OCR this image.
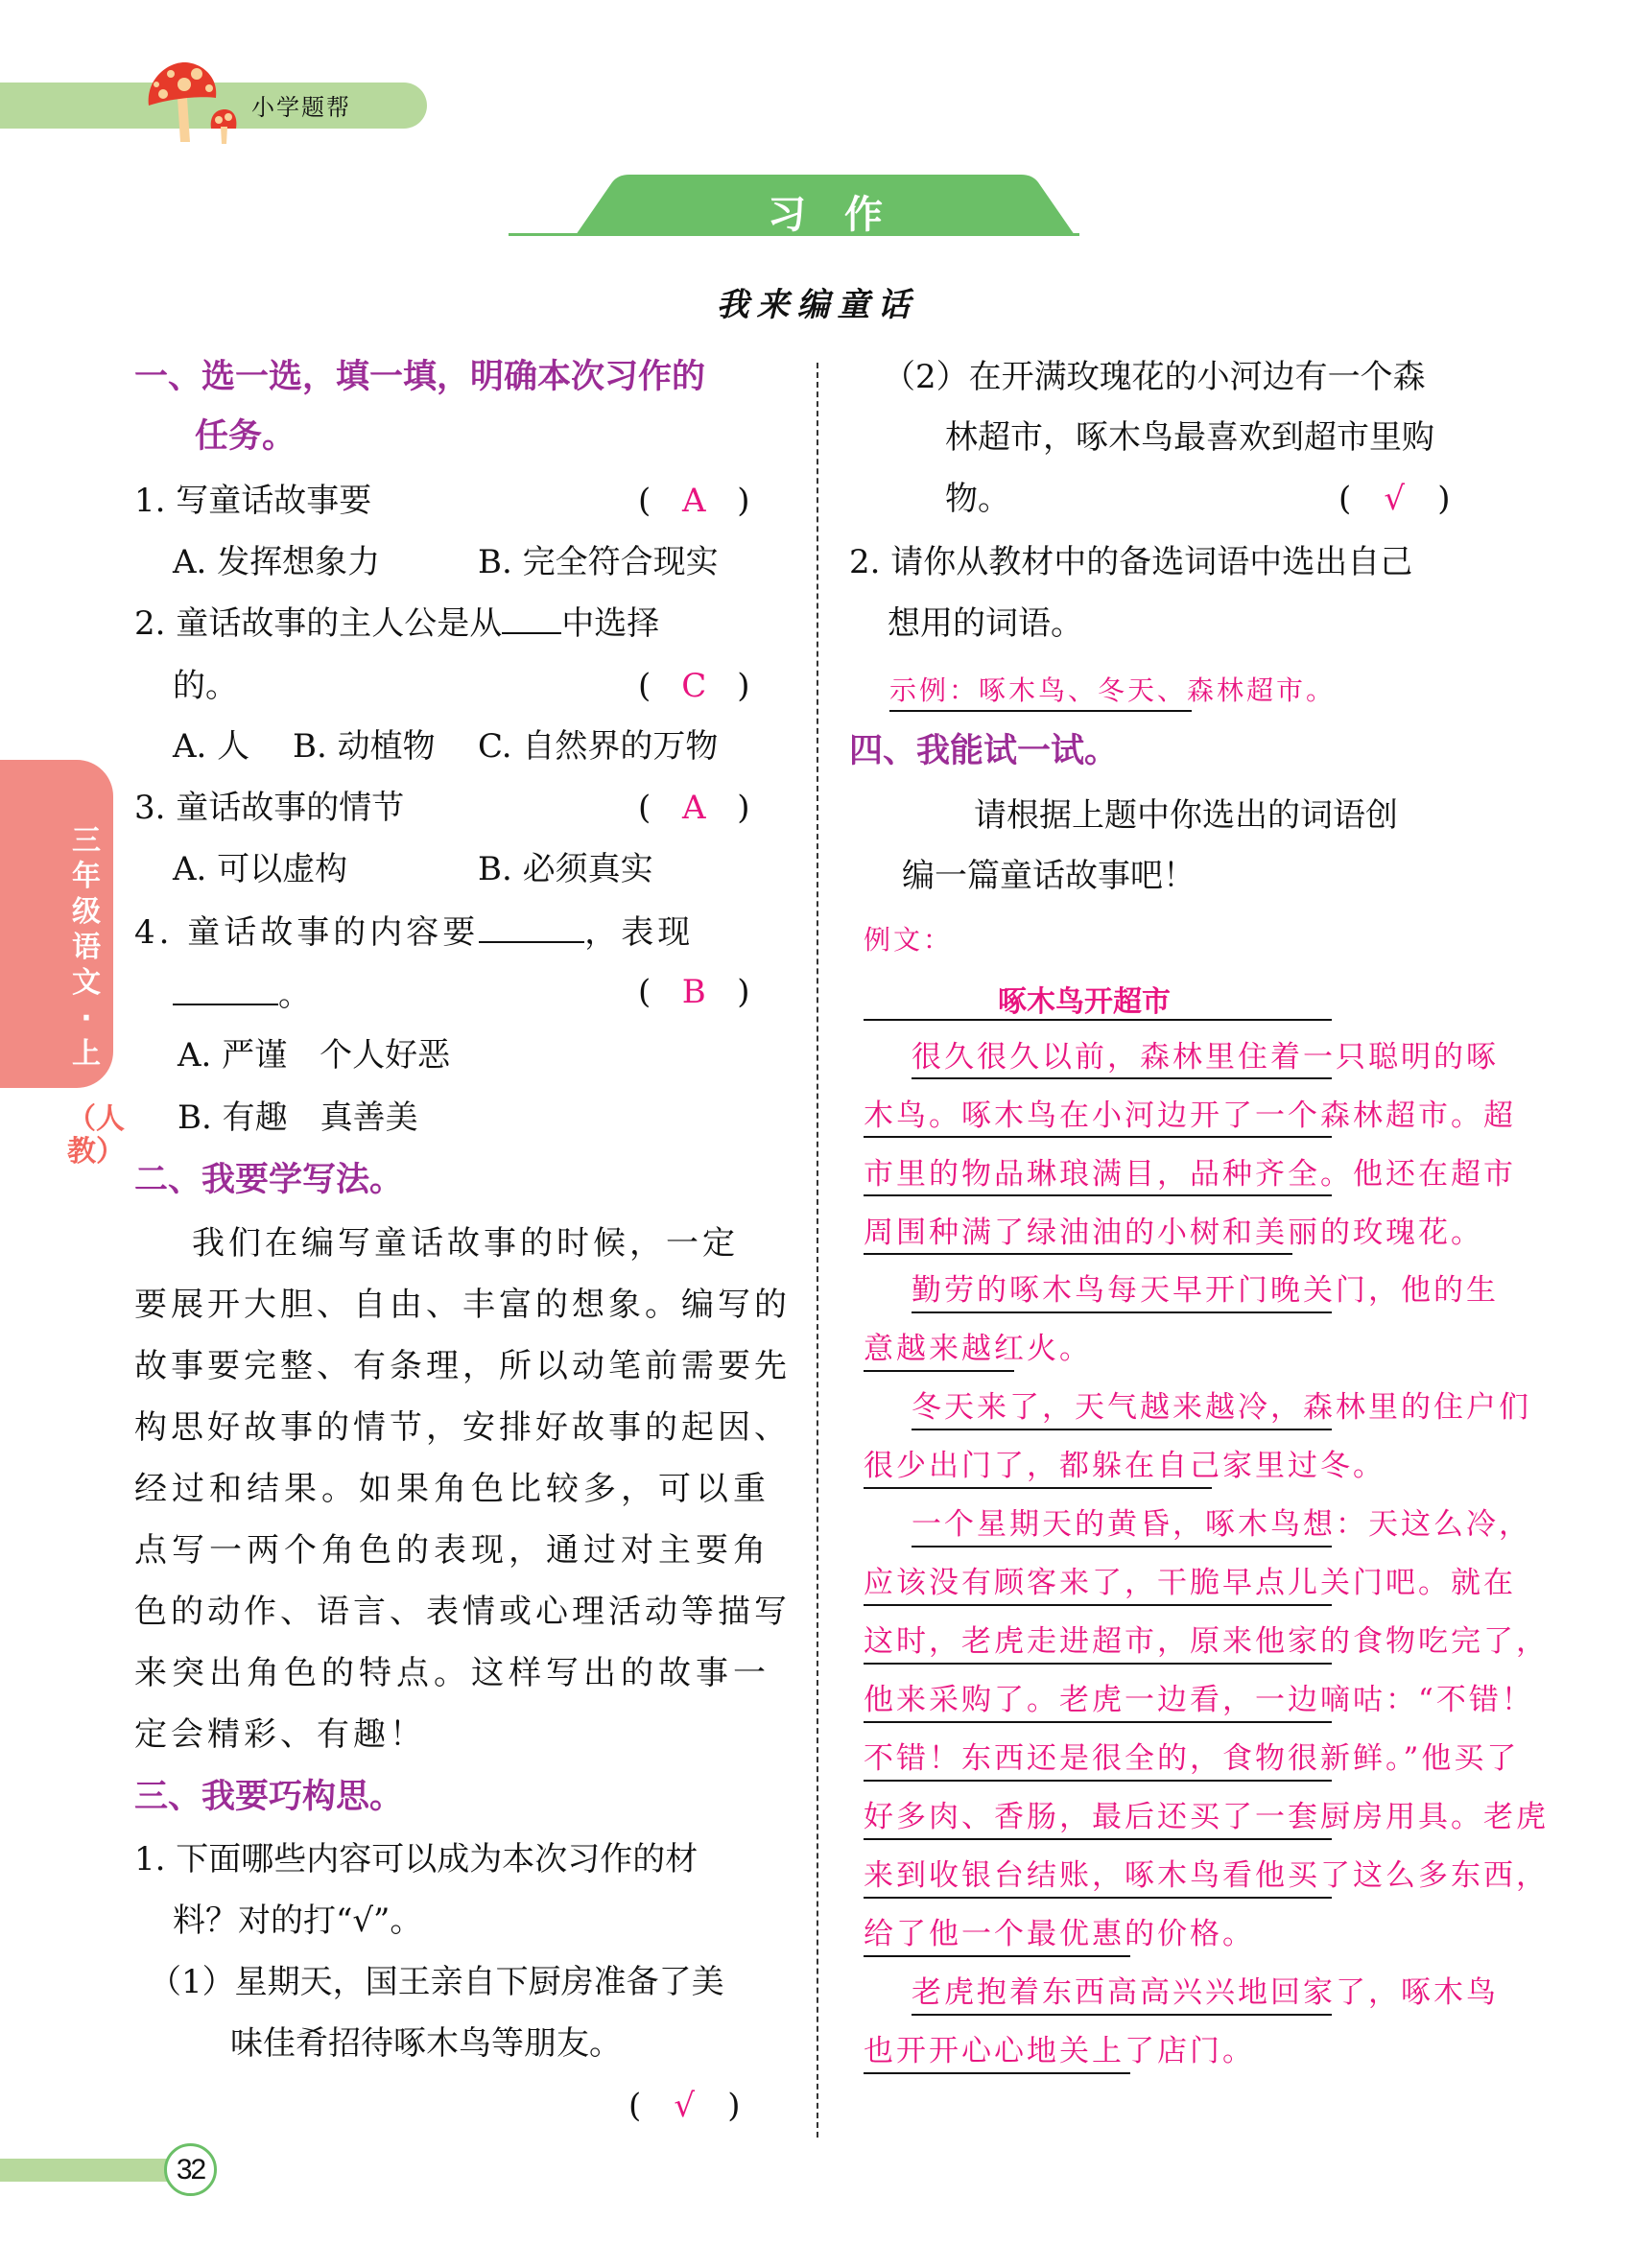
小学题帮
习作
我来编童话
三年级语文·上
（人教）
一、选一选，填一填，明确本次习作的
任务。
1. 写童话故事要	( A )
A. 发挥想象力	B. 完全符合现实
2. 童话故事的主人公是从 中选择
的。	( C )
A. 人 B. 动植物 C. 自然界的万物
3. 童话故事的情节	( A )
A. 可以虚构	B. 必须真实
4. 童话故事的内容要	，表现
。	( B )
A. 严谨　个人好恶
B. 有趣　真善美
二、我要学写法。
我们在编写童话故事的时候，一定
要展开大胆、自由、丰富的想象。编写的
故事要完整、有条理，所以动笔前需要先
构思好故事的情节，安排好故事的起因、
经过和结果。如果角色比较多，可以重
点写一两个角色的表现，通过对主要角
色的动作、语言、表情或心理活动等描写
来突出角色的特点。这样写出的故事一
定会精彩、有趣！
三、我要巧构思。
1. 下面哪些内容可以成为本次习作的材
料？对的打“√”。
（1）星期天，国王亲自下厨房准备了美
味佳肴招待啄木鸟等朋友。
( √ )
（2）在开满玫瑰花的小河边有一个森
林超市，啄木鸟最喜欢到超市里购
物。	( √ )
2. 请你从教材中的备选词语中选出自己
想用的词语。
示例：啄木鸟、冬天、森林超市。
四、我能试一试。
请根据上题中你选出的词语创
编一篇童话故事吧！
例文：
啄木鸟开超市
很久很久以前，森林里住着一只聪明的啄
木鸟。啄木鸟在小河边开了一个森林超市。超
市里的物品琳琅满目，品种齐全。他还在超市
周围种满了绿油油的小树和美丽的玫瑰花。
勤劳的啄木鸟每天早开门晚关门，他的生
意越来越红火。
冬天来了，天气越来越冷，森林里的住户们
很少出门了，都躲在自己家里过冬。
一个星期天的黄昏，啄木鸟想：天这么冷，
应该没有顾客来了，干脆早点儿关门吧。就在
这时，老虎走进超市，原来他家的食物吃完了，
他来采购了。老虎一边看，一边嘀咕：“不错！
不错！东西还是很全的，食物很新鲜。”他买了
好多肉、香肠，最后还买了一套厨房用具。老虎
来到收银台结账，啄木鸟看他买了这么多东西，
给了他一个最优惠的价格。
老虎抱着东西高高兴兴地回家了，啄木鸟
也开开心心地关上了店门。
32
